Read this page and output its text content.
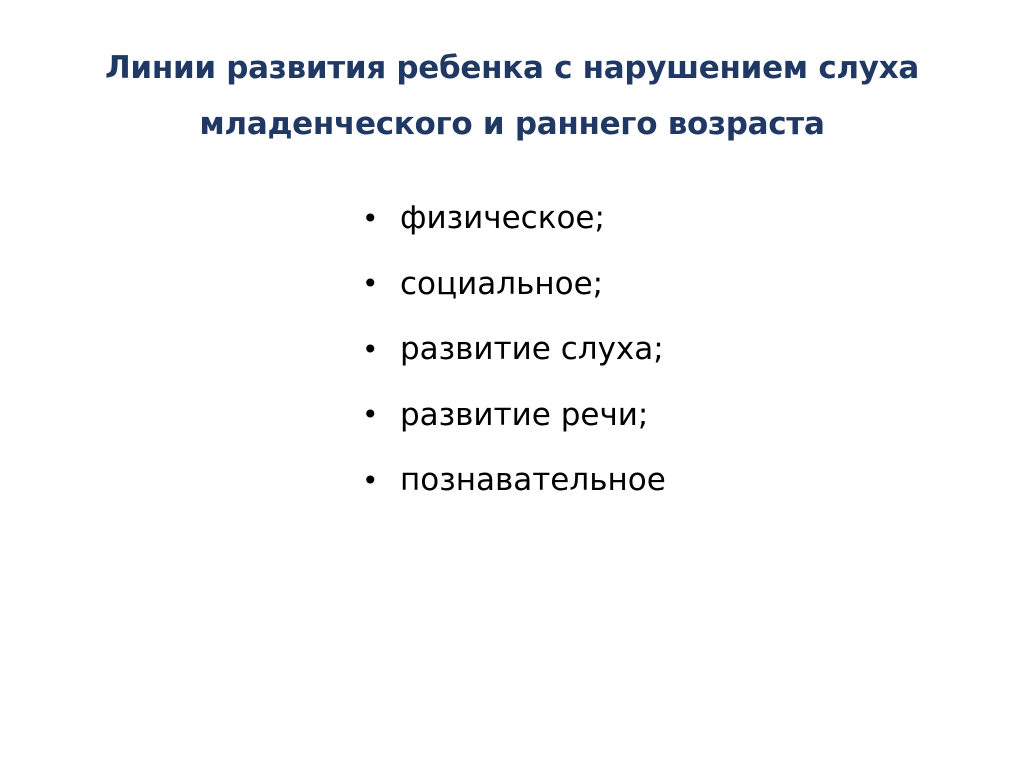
Линии развития ребенка с нарушением слуха младенческого и раннего возраста
• физическое;
• социальное;
• развитие слуха;
• развитие речи;
• познавательное
